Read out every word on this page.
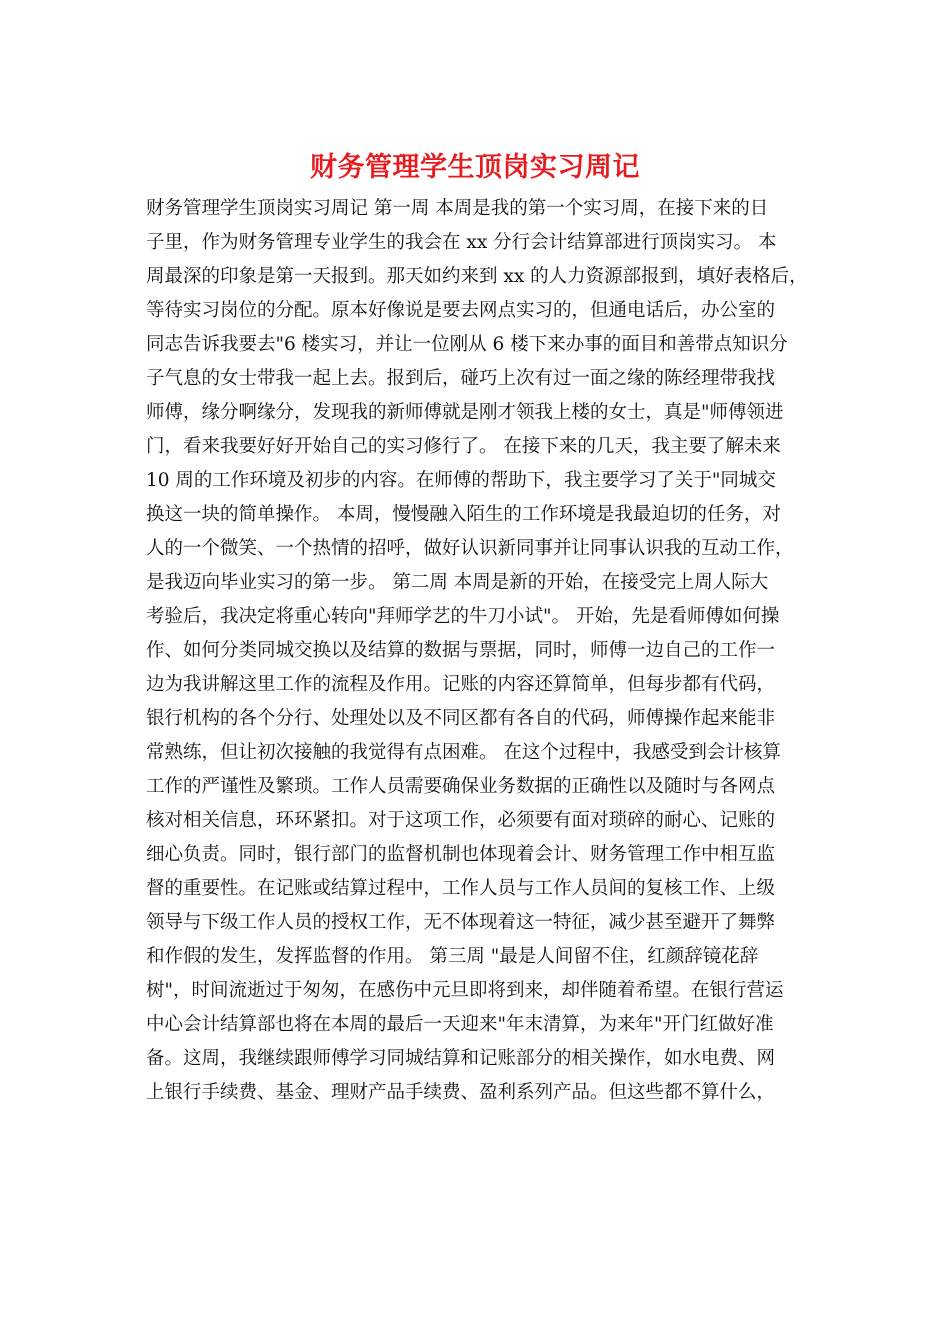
财务管理学生顶岗实习周记
财务管理学生顶岗实习周记 第一周 本周是我的第一个实习周，在接下来的日
子里，作为财务管理专业学生的我会在 xx 分行会计结算部进行顶岗实习。 本
周最深的印象是第一天报到。那天如约来到 xx 的人力资源部报到，填好表格后，
等待实习岗位的分配。原本好像说是要去网点实习的，但通电话后，办公室的
同志告诉我要去"6 楼实习，并让一位刚从 6 楼下来办事的面目和善带点知识分
子气息的女士带我一起上去。报到后，碰巧上次有过一面之缘的陈经理带我找
师傅，缘分啊缘分，发现我的新师傅就是刚才领我上楼的女士，真是"师傅领进
门，看来我要好好开始自己的实习修行了。 在接下来的几天，我主要了解未来
10 周的工作环境及初步的内容。在师傅的帮助下，我主要学习了关于"同城交
换这一块的简单操作。 本周，慢慢融入陌生的工作环境是我最迫切的任务，对
人的一个微笑、一个热情的招呼，做好认识新同事并让同事认识我的互动工作，
是我迈向毕业实习的第一步。 第二周 本周是新的开始，在接受完上周人际大
考验后，我决定将重心转向"拜师学艺的牛刀小试"。 开始，先是看师傅如何操
作、如何分类同城交换以及结算的数据与票据，同时，师傅一边自己的工作一
边为我讲解这里工作的流程及作用。记账的内容还算简单，但每步都有代码，
银行机构的各个分行、处理处以及不同区都有各自的代码，师傅操作起来能非
常熟练，但让初次接触的我觉得有点困难。 在这个过程中，我感受到会计核算
工作的严谨性及繁琐。工作人员需要确保业务数据的正确性以及随时与各网点
核对相关信息，环环紧扣。对于这项工作，必须要有面对琐碎的耐心、记账的
细心负责。同时，银行部门的监督机制也体现着会计、财务管理工作中相互监
督的重要性。在记账或结算过程中，工作人员与工作人员间的复核工作、上级
领导与下级工作人员的授权工作，无不体现着这一特征，减少甚至避开了舞弊
和作假的发生，发挥监督的作用。 第三周 "最是人间留不住，红颜辞镜花辞
树"，时间流逝过于匆匆，在感伤中元旦即将到来，却伴随着希望。在银行营运
中心会计结算部也将在本周的最后一天迎来"年末清算，为来年"开门红做好准
备。这周，我继续跟师傅学习同城结算和记账部分的相关操作，如水电费、网
上银行手续费、基金、理财产品手续费、盈利系列产品。但这些都不算什么，
